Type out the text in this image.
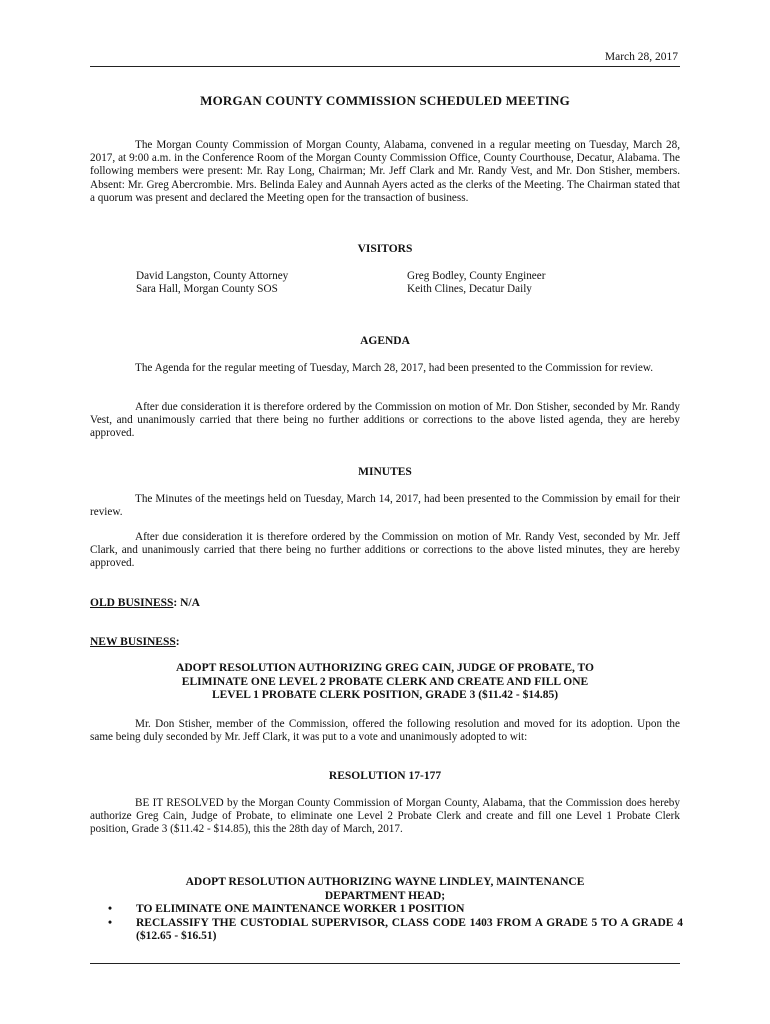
March 28, 2017
MORGAN COUNTY COMMISSION SCHEDULED MEETING
The Morgan County Commission of Morgan County, Alabama, convened in a regular meeting on Tuesday, March 28, 2017, at 9:00 a.m. in the Conference Room of the Morgan County Commission Office, County Courthouse, Decatur, Alabama. The following members were present: Mr. Ray Long, Chairman; Mr. Jeff Clark and Mr. Randy Vest, and Mr. Don Stisher, members. Absent: Mr. Greg Abercrombie. Mrs. Belinda Ealey and Aunnah Ayers acted as the clerks of the Meeting. The Chairman stated that a quorum was present and declared the Meeting open for the transaction of business.
VISITORS
David Langston, County Attorney
Sara Hall, Morgan County SOS
Greg Bodley, County Engineer
Keith Clines, Decatur Daily
AGENDA
The Agenda for the regular meeting of Tuesday, March 28, 2017, had been presented to the Commission for review.
After due consideration it is therefore ordered by the Commission on motion of Mr. Don Stisher, seconded by Mr. Randy Vest, and unanimously carried that there being no further additions or corrections to the above listed agenda, they are hereby approved.
MINUTES
The Minutes of the meetings held on Tuesday, March 14, 2017, had been presented to the Commission by email for their review.
After due consideration it is therefore ordered by the Commission on motion of Mr. Randy Vest, seconded by Mr. Jeff Clark, and unanimously carried that there being no further additions or corrections to the above listed minutes, they are hereby approved.
OLD BUSINESS: N/A
NEW BUSINESS:
ADOPT RESOLUTION AUTHORIZING GREG CAIN, JUDGE OF PROBATE, TO
ELIMINATE ONE LEVEL 2 PROBATE CLERK AND CREATE AND FILL ONE
LEVEL 1 PROBATE CLERK POSITION, GRADE 3 ($11.42 - $14.85)
Mr. Don Stisher, member of the Commission, offered the following resolution and moved for its adoption. Upon the same being duly seconded by Mr. Jeff Clark, it was put to a vote and unanimously adopted to wit:
RESOLUTION 17-177
BE IT RESOLVED by the Morgan County Commission of Morgan County, Alabama, that the Commission does hereby authorize Greg Cain, Judge of Probate, to eliminate one Level 2 Probate Clerk and create and fill one Level 1 Probate Clerk position, Grade 3 ($11.42 - $14.85), this the 28th day of March, 2017.
ADOPT RESOLUTION AUTHORIZING WAYNE LINDLEY, MAINTENANCE
DEPARTMENT HEAD;
• TO ELIMINATE ONE MAINTENANCE WORKER 1 POSITION
• RECLASSIFY THE CUSTODIAL SUPERVISOR, CLASS CODE 1403 FROM A GRADE 5 TO A GRADE 4 ($12.65 - $16.51)
